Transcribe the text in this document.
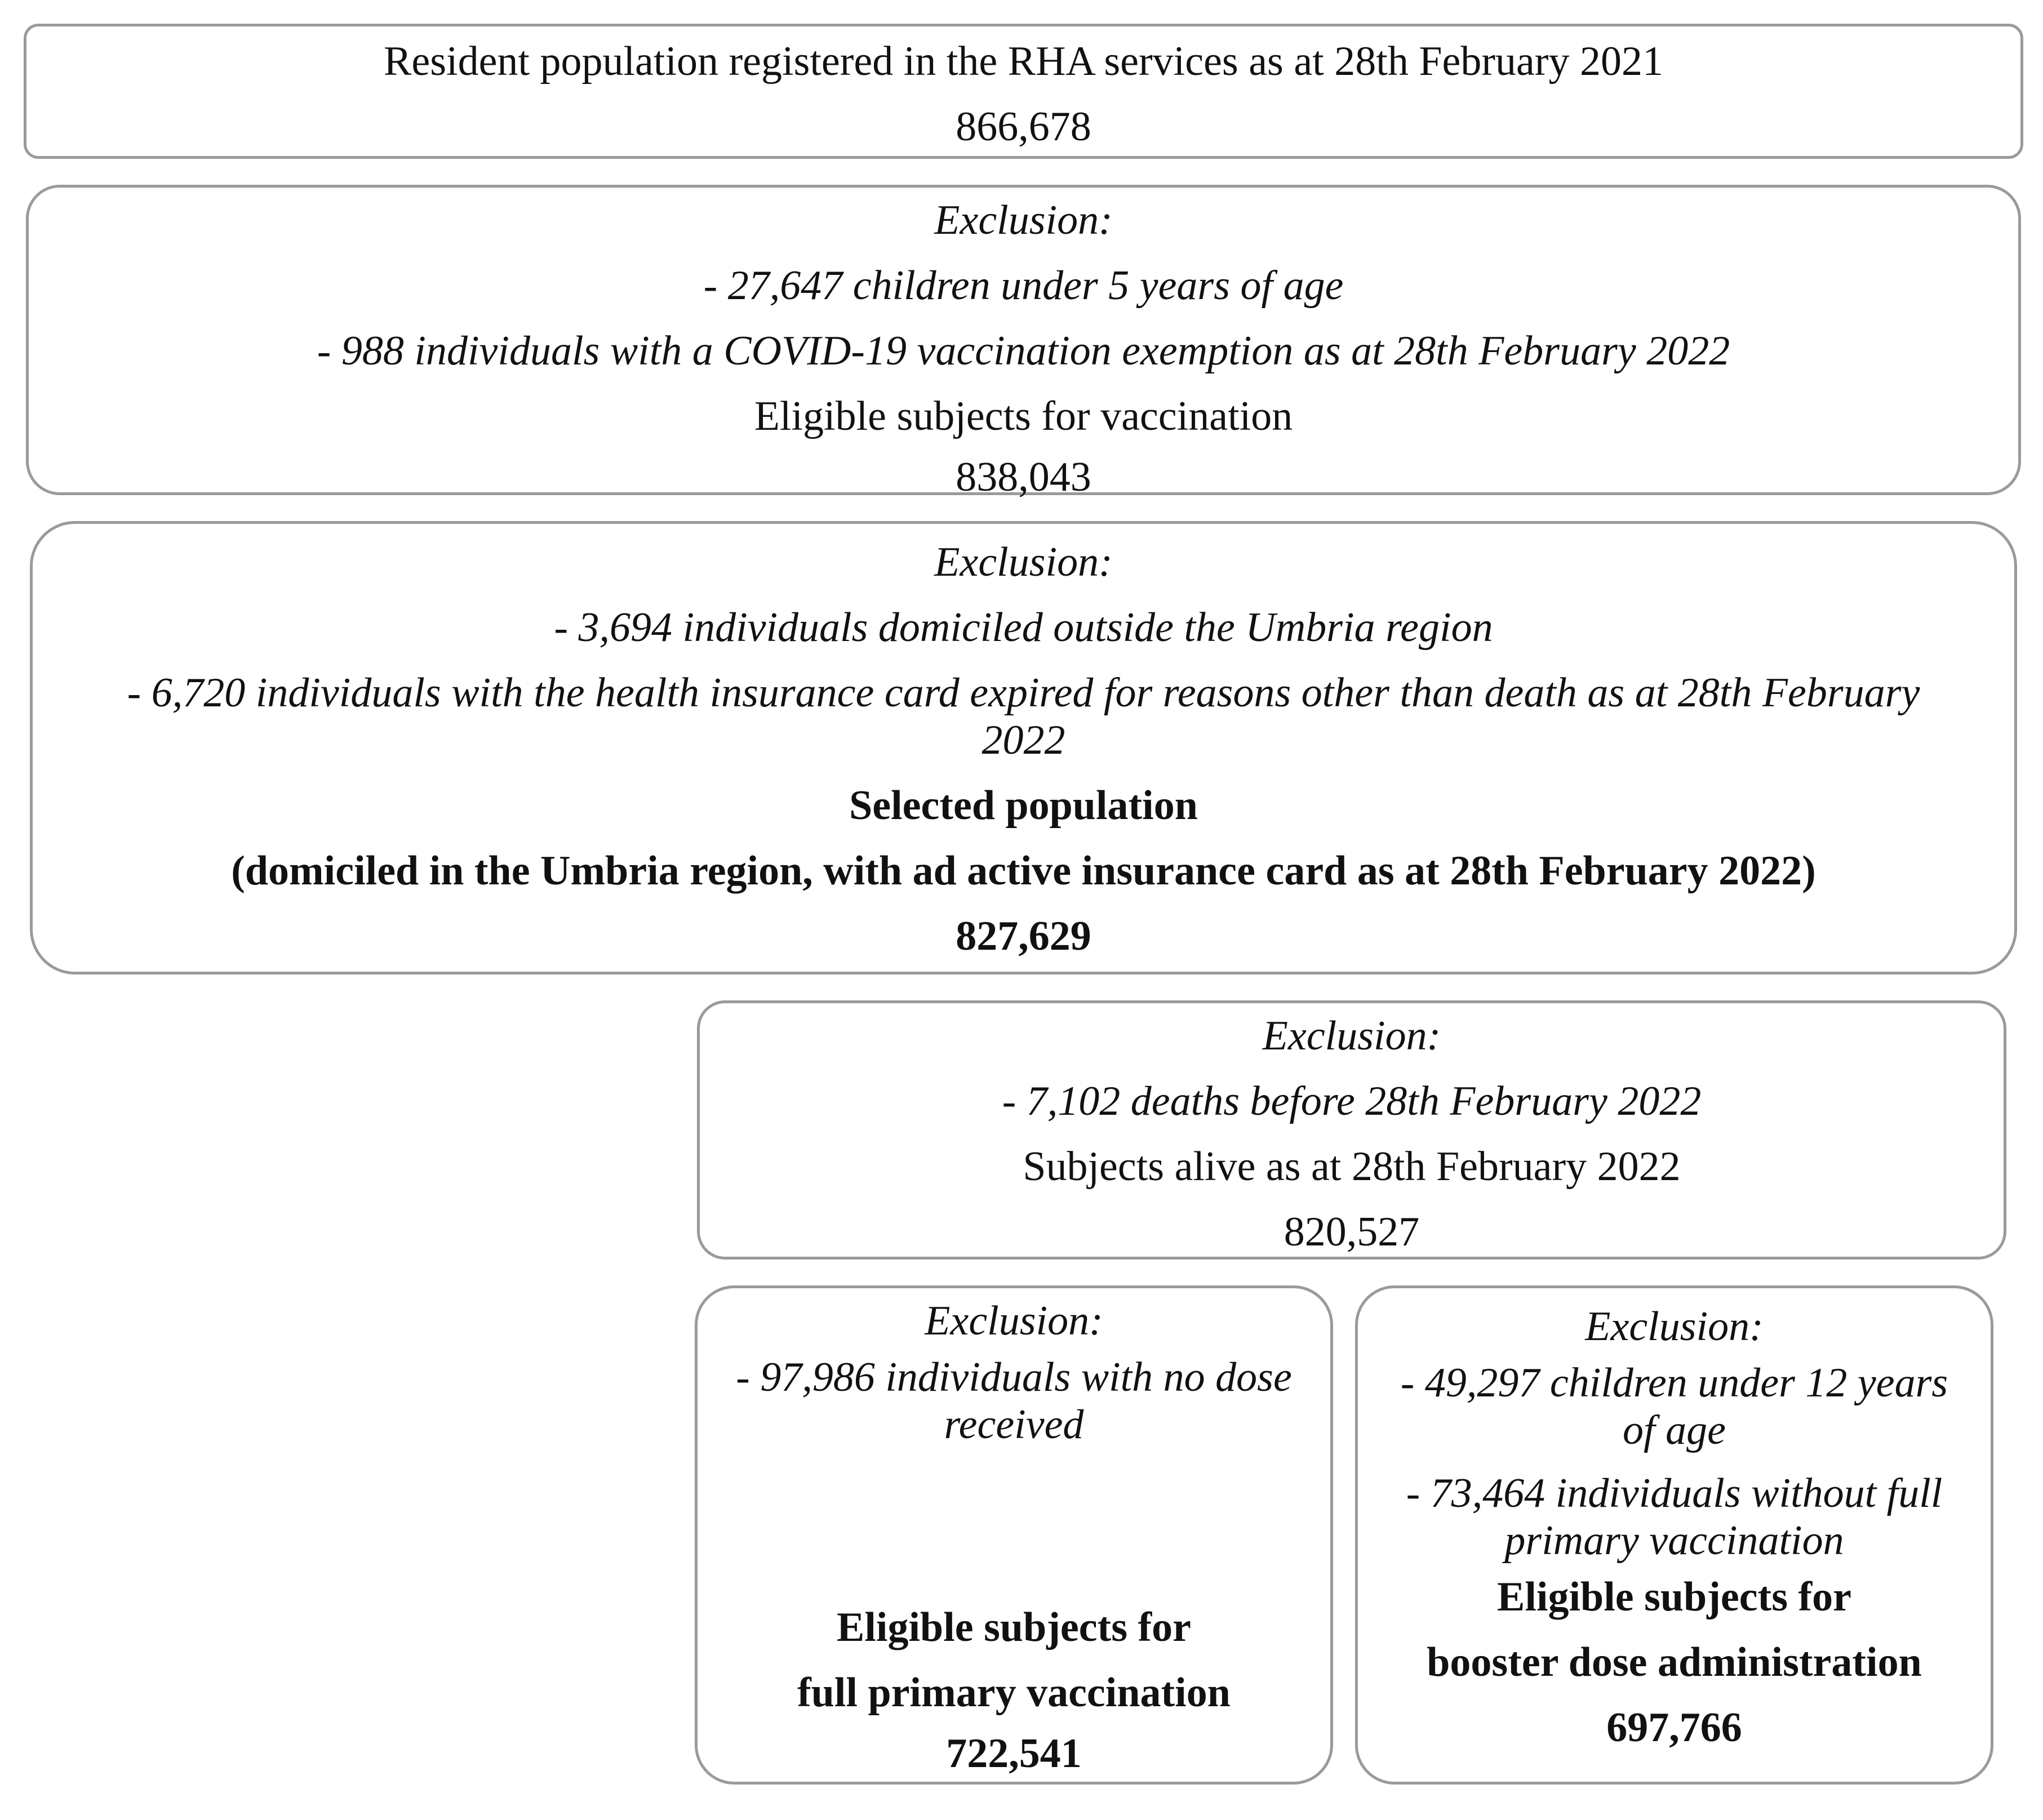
Resident population registered in the RHA services as at 28th February 2021
866,678
Exclusion:
- 27,647 children under 5 years of age
- 988 individuals with a COVID-19 vaccination exemption as at 28th February 2022
Eligible subjects for vaccination
838,043
Exclusion:
- 3,694 individuals domiciled outside the Umbria region
- 6,720 individuals with the health insurance card expired for reasons other than death as at 28th February 2022
Selected population
(domiciled in the Umbria region, with ad active insurance card as at 28th February 2022)
827,629
Exclusion:
- 7,102 deaths before 28th February 2022
Subjects alive as at 28th February 2022
820,527
Exclusion:
- 97,986 individuals with no dose received
Eligible subjects for
full primary vaccination
722,541
Exclusion:
- 49,297 children under 12 years of age
- 73,464 individuals without full primary vaccination
Eligible subjects for
booster dose administration
697,766
